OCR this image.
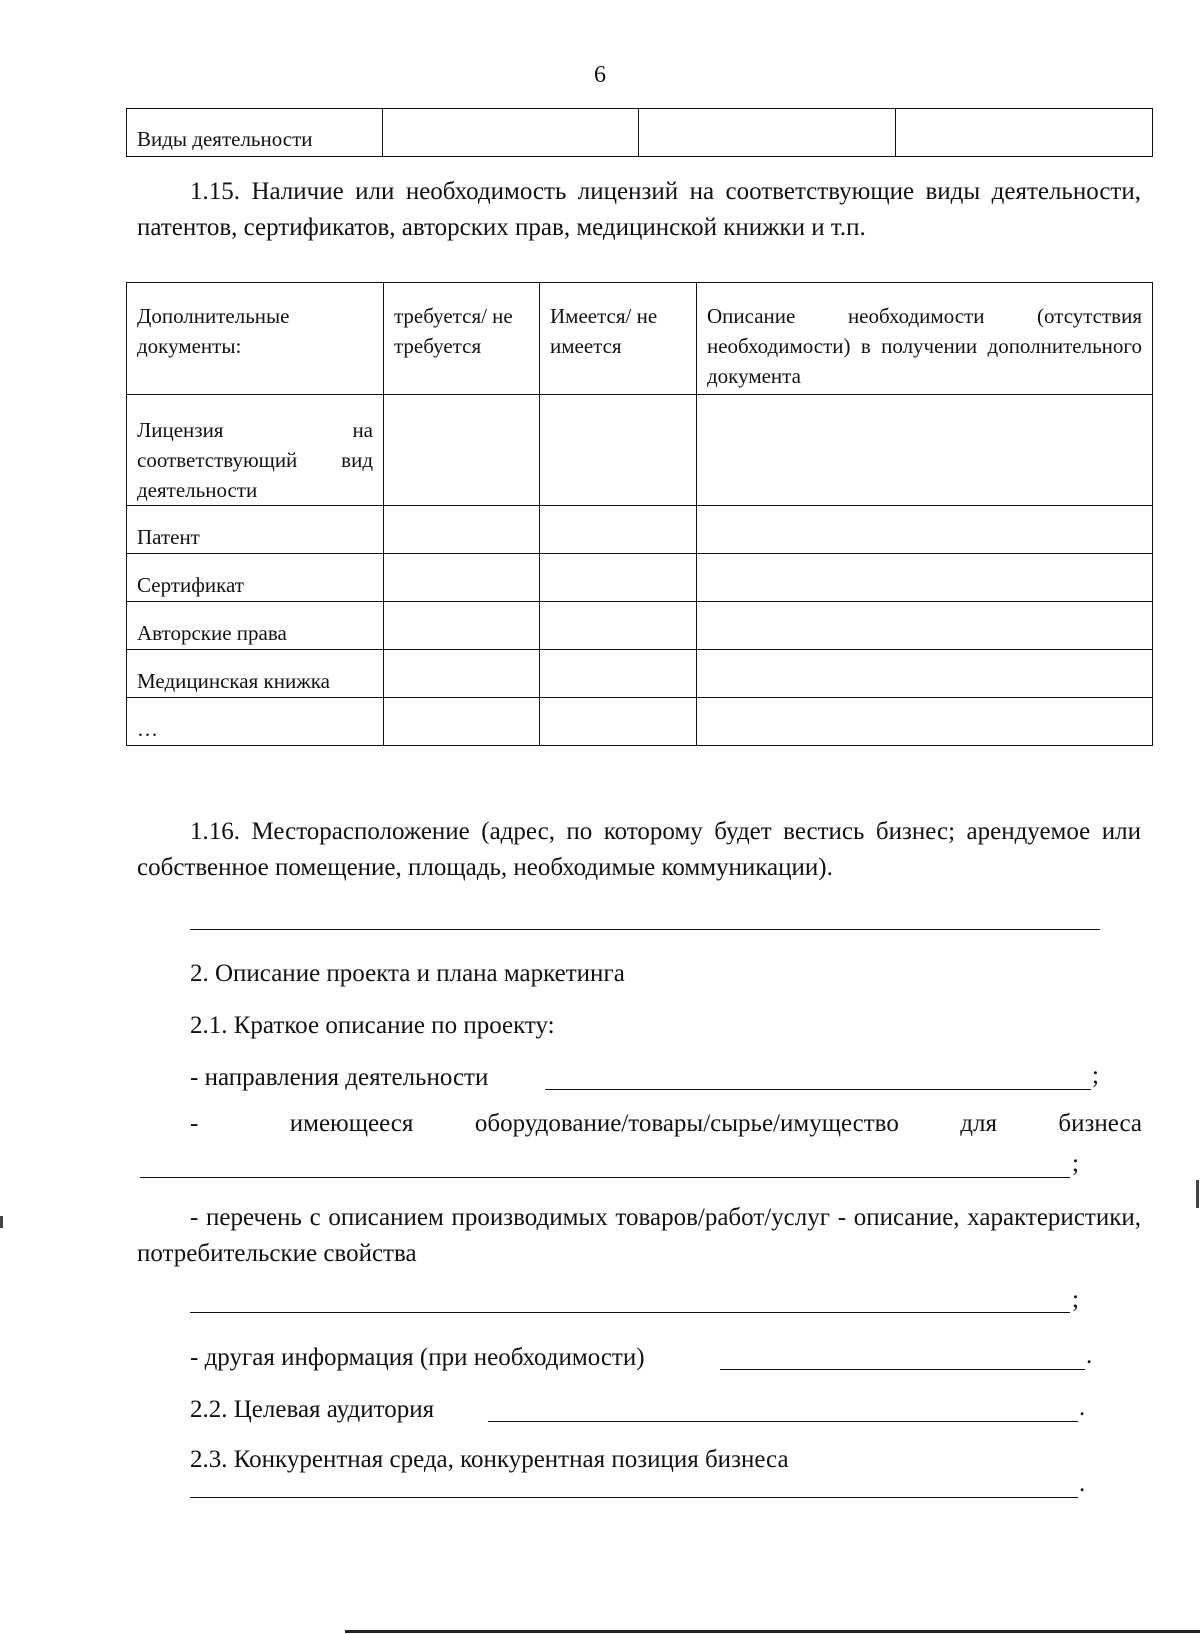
6
Виды деятельности			
1.15. Наличие или необходимость лицензий на соответствующие виды деятельности, патентов, сертификатов, авторских прав, медицинской книжки и т.п.
Дополнительные документы:	требуется/ не требуется	Имеется/ не имеется	Описание необходимости (отсутствия необходимости) в получении дополнительного документа
Лицензия на соответствующий вид деятельности			
Патент			
Сертификат			
Авторские права			
Медицинская книжка			
…			
1.16. Месторасположение (адрес, по которому будет вестись бизнес; арендуемое или собственное помещение, площадь, необходимые коммуникации).
2. Описание проекта и плана маркетинга
2.1. Краткое описание по проекту:
- направления деятельности	;
-	имеющееся оборудование/товары/сырье/имущество для бизнеса
;
- перечень с описанием производимых товаров/работ/услуг - описание, характеристики, потребительские свойства
;
- другая информация (при необходимости)	.
2.2. Целевая аудитория	.
2.3. Конкурентная среда, конкурентная позиция бизнеса
.
